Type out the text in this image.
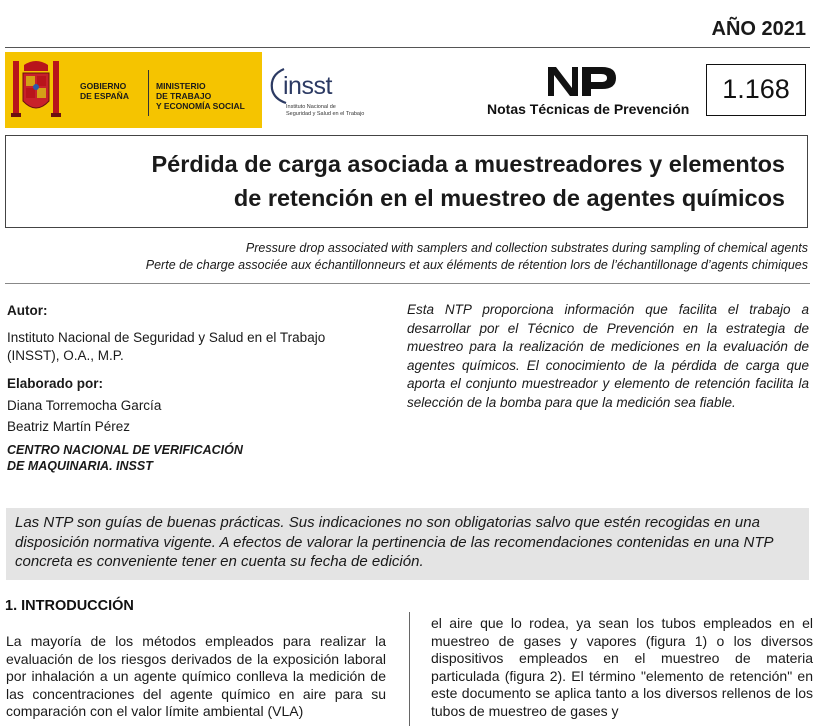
AÑO 2021
GOBIERNO
DE ESPAÑA
MINISTERIO
DE TRABAJO
Y ECONOMÍA SOCIAL
insst
Instituto Nacional de
Seguridad y Salud en el Trabajo	Notas Técnicas de Prevención
1.168
Pérdida de carga asociada a muestreadores y elementos
de retención en el muestreo de agentes químicos
Pressure drop associated with samplers and collection substrates during sampling of chemical agents
Perte de charge associée aux échantillonneurs et aux éléments de rétention lors de l’échantillonage d’agents chimiques
Autor:
Instituto Nacional de Seguridad y Salud en el Trabajo
(INSST), O.A., M.P.
Elaborado por:
Diana Torremocha García
Beatriz Martín Pérez
CENTRO NACIONAL DE VERIFICACIÓN
DE MAQUINARIA. INSST
Esta NTP proporciona información que facilita el trabajo a desarrollar por el Técnico de Prevención en la estrategia de muestreo para la realización de mediciones en la evaluación de agentes químicos. El conocimiento de la pérdida de carga que aporta el conjunto muestreador y elemento de retención facilita la selección de la bomba para que la medición sea fiable.
Las NTP son guías de buenas prácticas. Sus indicaciones no son obligatorias salvo que estén recogidas en una disposición normativa vigente. A efectos de valorar la pertinencia de las recomendaciones contenidas en una NTP concreta es conveniente tener en cuenta su fecha de edición.
1. INTRODUCCIÓN
La mayoría de los métodos empleados para realizar la evaluación de los riesgos derivados de la exposición laboral por inhalación a un agente químico conlleva la medición de las concentraciones del agente químico en aire para su comparación con el valor límite ambiental (VLA)
el aire que lo rodea, ya sean los tubos empleados en el muestreo de gases y vapores (figura 1) o los diversos dispositivos empleados en el muestreo de materia particulada (figura 2). El término "elemento de retención" en este documento se aplica tanto a los diversos rellenos de los tubos de muestreo de gases y
